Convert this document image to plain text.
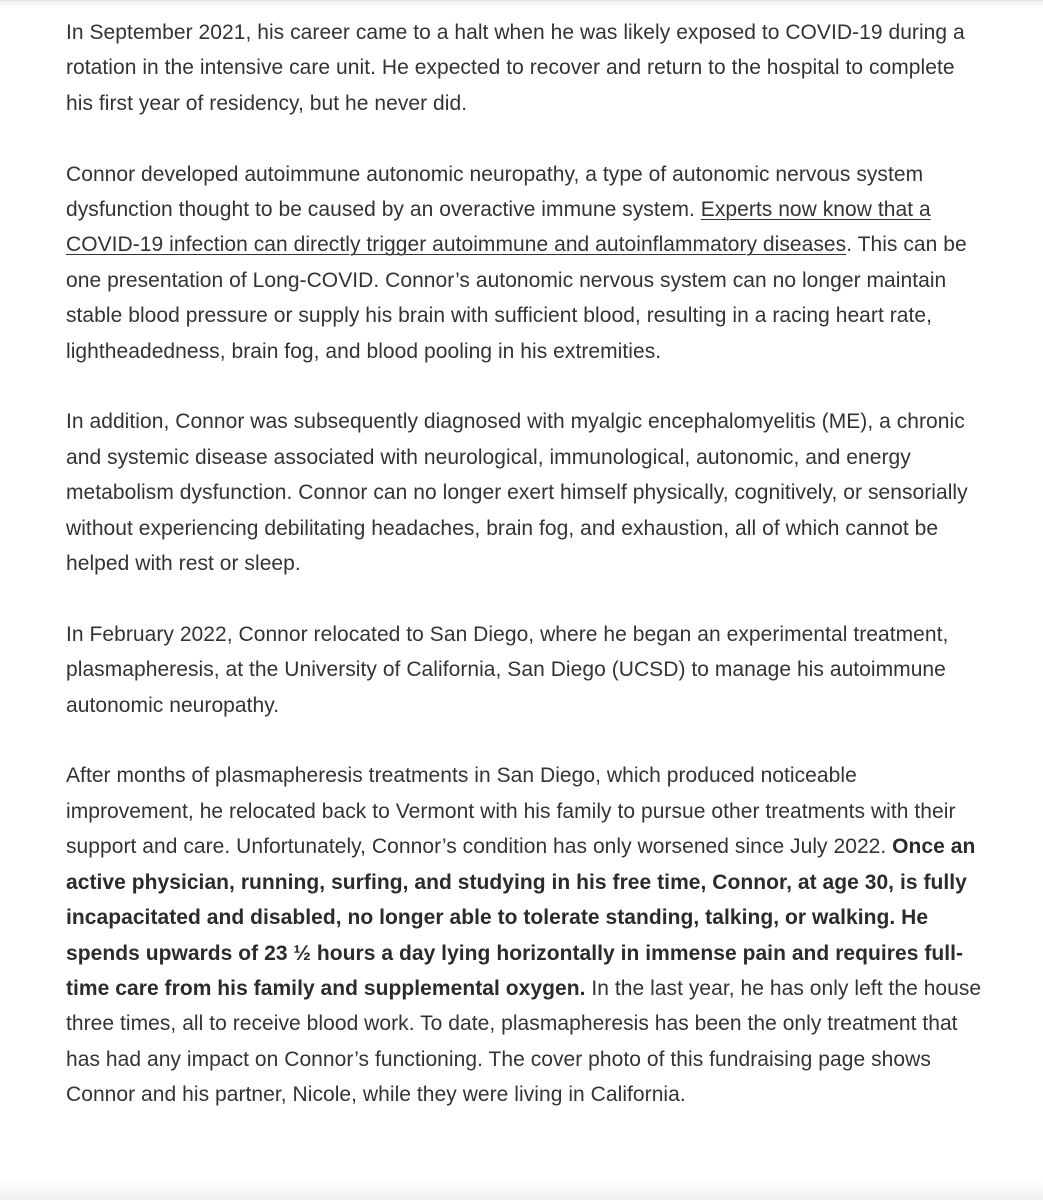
In September 2021, his career came to a halt when he was likely exposed to COVID-19 during a rotation in the intensive care unit. He expected to recover and return to the hospital to complete his first year of residency, but he never did.

Connor developed autoimmune autonomic neuropathy, a type of autonomic nervous system dysfunction thought to be caused by an overactive immune system. Experts now know that a COVID-19 infection can directly trigger autoimmune and autoinflammatory diseases. This can be one presentation of Long-COVID. Connor’s autonomic nervous system can no longer maintain stable blood pressure or supply his brain with sufficient blood, resulting in a racing heart rate, lightheadedness, brain fog, and blood pooling in his extremities.

In addition, Connor was subsequently diagnosed with myalgic encephalomyelitis (ME), a chronic and systemic disease associated with neurological, immunological, autonomic, and energy metabolism dysfunction. Connor can no longer exert himself physically, cognitively, or sensorially without experiencing debilitating headaches, brain fog, and exhaustion, all of which cannot be helped with rest or sleep.

In February 2022, Connor relocated to San Diego, where he began an experimental treatment, plasmapheresis, at the University of California, San Diego (UCSD) to manage his autoimmune autonomic neuropathy.

After months of plasmapheresis treatments in San Diego, which produced noticeable improvement, he relocated back to Vermont with his family to pursue other treatments with their support and care. Unfortunately, Connor’s condition has only worsened since July 2022. Once an active physician, running, surfing, and studying in his free time, Connor, at age 30, is fully incapacitated and disabled, no longer able to tolerate standing, talking, or walking. He spends upwards of 23 ½ hours a day lying horizontally in immense pain and requires full-time care from his family and supplemental oxygen. In the last year, he has only left the house three times, all to receive blood work. To date, plasmapheresis has been the only treatment that has had any impact on Connor’s functioning. The cover photo of this fundraising page shows Connor and his partner, Nicole, while they were living in California.
